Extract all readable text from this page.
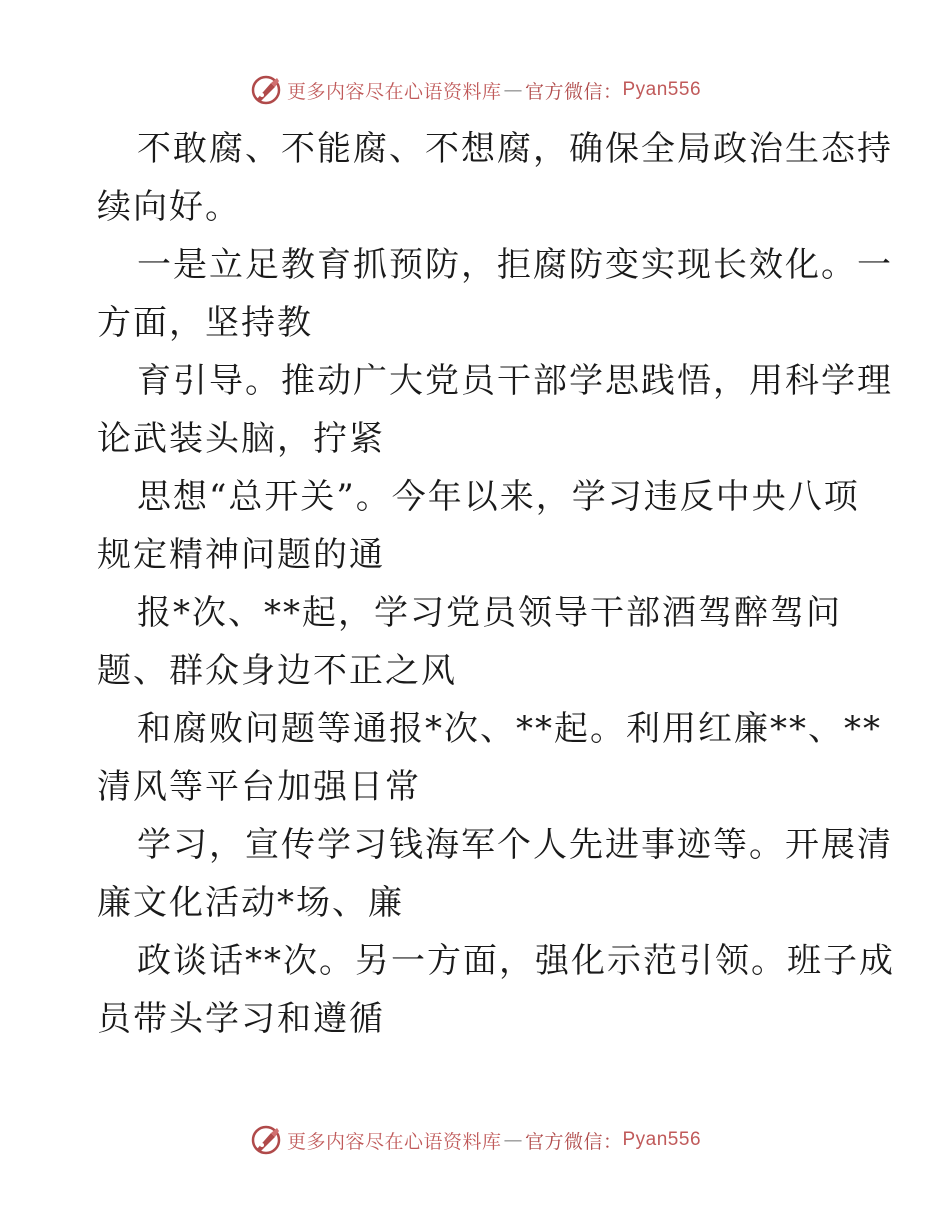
更多内容尽在心语资料库 — 官方微信： Pyan556
不敢腐、不能腐、不想腐，确保全局政治生态持
续向好。
一是立足教育抓预防，拒腐防变实现长效化。一
方面，坚持教
育引导。推动广大党员干部学思践悟，用科学理
论武装头脑，拧紧
思想“总开关”。今年以来，学习违反中央八项
规定精神问题的通
报*次、**起，学习党员领导干部酒驾醉驾问
题、群众身边不正之风
和腐败问题等通报*次、**起。利用红廉**、**
清风等平台加强日常
学习，宣传学习钱海军个人先进事迹等。开展清
廉文化活动*场、廉
政谈话**次。另一方面，强化示范引领。班子成
员带头学习和遵循
更多内容尽在心语资料库 — 官方微信： Pyan556
